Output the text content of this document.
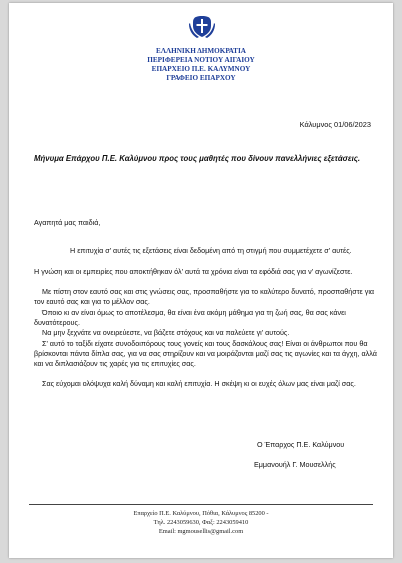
ΕΛΛΗΝΙΚΗ ΔΗΜΟΚΡΑΤΙΑ
ΠΕΡΙΦΕΡΕΙΑ ΝΟΤΙΟΥ ΑΙΓΑΙΟΥ
ΕΠΑΡΧΕΙΟ Π.Ε. ΚΑΛΥΜΝΟΥ
ΓΡΑΦΕΙΟ ΕΠΑΡΧΟΥ
Κάλυμνος 01/06/2023
Μήνυμα Επάρχου Π.Ε. Καλύμνου προς τους μαθητές που δίνουν πανελλήνιες εξετάσεις.
Αγαπητά μας παιδιά,
Η επιτυχία σ' αυτές τις εξετάσεις είναι δεδομένη από τη στιγμή που συμμετέχετε σ' αυτές.
Η γνώση και οι εμπειρίες που αποκτήθηκαν όλ' αυτά τα χρόνια είναι τα εφόδιά σας για ν' αγωνίζεστε.
Με πίστη στον εαυτό σας και στις γνώσεις σας, προσπαθήστε για το καλύτερο δυνατό, προσπαθήστε για τον εαυτό σας και για το μέλλον σας.
Όποιο κι αν είναι όμως το αποτέλεσμα, θα είναι ένα ακόμη μάθημα για τη ζωή σας, θα σας κάνει δυνατότερους.
Να μην ξεχνάτε να ονειρεύεστε, να βάζετε στόχους και να παλεύετε γι' αυτούς.
Σ' αυτό το ταξίδι είχατε συνοδοιπόρους τους γονείς και τους δασκάλους σας! Είναι οι άνθρωποι που θα βρίσκονται πάντα δίπλα σας, για να σας στηρίζουν και να μοιράζονται μαζί σας τις αγωνίες και τα άγχη, αλλά και να διπλασιάζουν τις χαρές για τις επιτυχίες σας.
Σας εύχομαι ολόψυχα καλή δύναμη και καλή επιτυχία. Η σκέψη κι οι ευχές όλων μας είναι μαζί σας.
Ο Έπαρχος Π.Ε. Καλύμνου
Εμμανουήλ Γ. Μουσελλής
Επαρχείο Π.Ε. Καλύμνου, Πόθια, Κάλυμνος 85200 -
Τηλ. 2243059630, Φαξ: 2243059410
Email: mgmousellis@gmail.com
